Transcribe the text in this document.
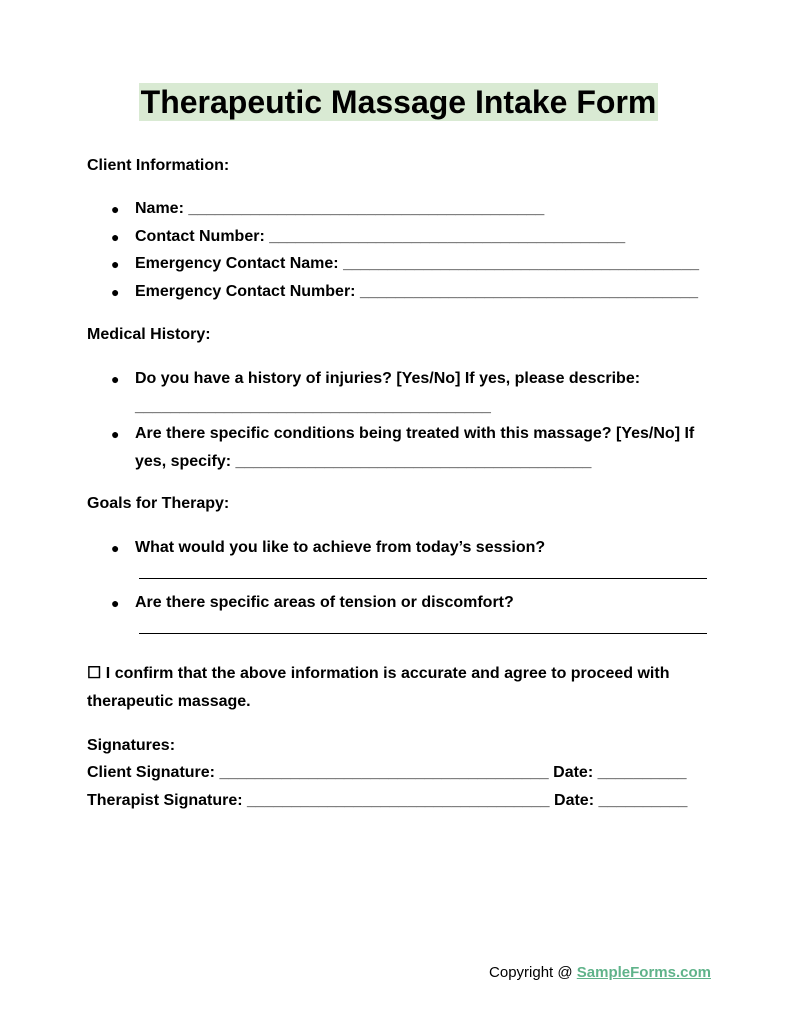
Therapeutic Massage Intake Form
Client Information:
● Name: ________________________________________
● Contact Number: ________________________________________
● Emergency Contact Name: ________________________________________
● Emergency Contact Number: ______________________________________
Medical History:
● Do you have a history of injuries? [Yes/No] If yes, please describe: ________________________________________
● Are there specific conditions being treated with this massage? [Yes/No] If yes, specify: ________________________________________
Goals for Therapy:
● What would you like to achieve from today’s session?
● Are there specific areas of tension or discomfort?
☐ I confirm that the above information is accurate and agree to proceed with therapeutic massage.
Signatures:
Client Signature: _____________________________________ Date: __________
Therapist Signature: __________________________________ Date: __________
Copyright @ SampleForms.com
